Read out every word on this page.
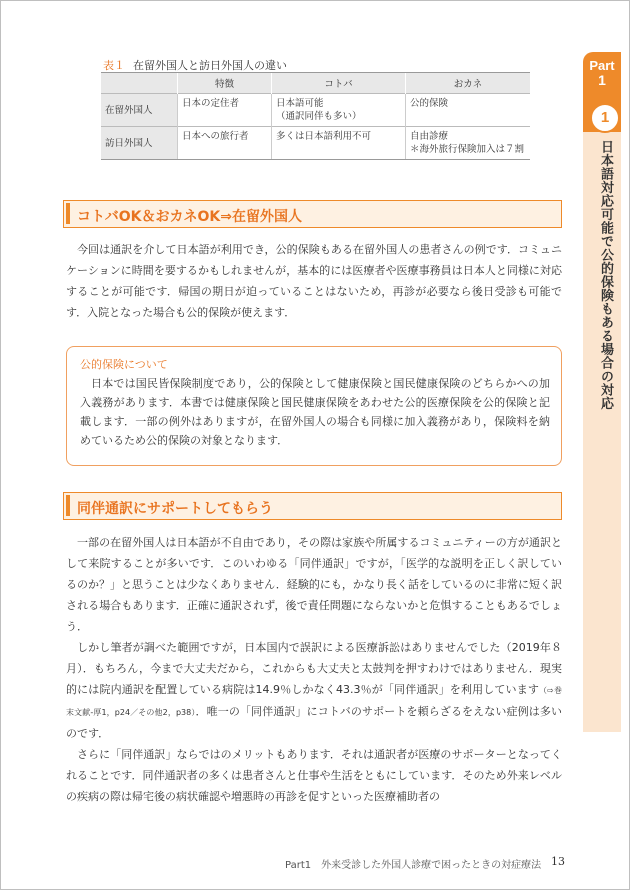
Part
1
1
日本語対応可能で公的保険もある場合の対応
表１ 在留外国人と訪日外国人の違い
	特徴	コトバ	おカネ
在留外国人	日本の定住者	日本語可能
（通訳同伴も多い）	公的保険

訪日外国人	日本への旅行者	多くは日本語利用不可	自由診療
＊海外旅行保険加入は７割
コトバOK＆おカネOK⇒在留外国人

今回は通訳を介して日本語が利用でき，公的保険もある在留外国人の患者さんの例です．コミュニケーションに時間を要するかもしれませんが，基本的には医療者や医療事務員は日本人と同様に対応することが可能です．帰国の期日が迫っていることはないため，再診が必要なら後日受診も可能です．入院となった場合も公的保険が使えます．

公的保険について

日本では国民皆保険制度であり，公的保険として健康保険と国民健康保険のどちらかへの加入義務があります．本書では健康保険と国民健康保険をあわせた公的医療保険を公的保険と記載します．一部の例外はありますが，在留外国人の場合も同様に加入義務があり，保険料を納めているため公的保険の対象となります．

同伴通訳にサポートしてもらう

一部の在留外国人は日本語が不自由であり，その際は家族や所属するコミュニティーの方が通訳として来院することが多いです．このいわゆる「同伴通訳」ですが，「医学的な説明を正しく訳しているのか？」と思うことは少なくありません．経験的にも，かなり長く話をしているのに非常に短く訳される場合もあります．正確に通訳されず，後で責任問題にならないかと危惧することもあるでしょう．

しかし筆者が調べた範囲ですが，日本国内で誤訳による医療訴訟はありませんでした（2019年８月）．もちろん，今まで大丈夫だから，これからも大丈夫と太鼓判を押すわけではありません．現実的には院内通訳を配置している病院は14.9％しかなく43.3％が「同伴通訳」を利用しています（⇨巻末文献-厚1，p24／その他2，p38）．唯一の「同伴通訳」にコトバのサポートを頼らざるをえない症例は多いのです．

さらに「同伴通訳」ならではのメリットもあります．それは通訳者が医療のサポーターとなってくれることです．同伴通訳者の多くは患者さんと仕事や生活をともにしています．そのため外来レベルの疾病の際は帰宅後の病状確認や増悪時の再診を促すといった医療補助者の

Part1　外来受診した外国人診療で困ったときの対症療法 13
